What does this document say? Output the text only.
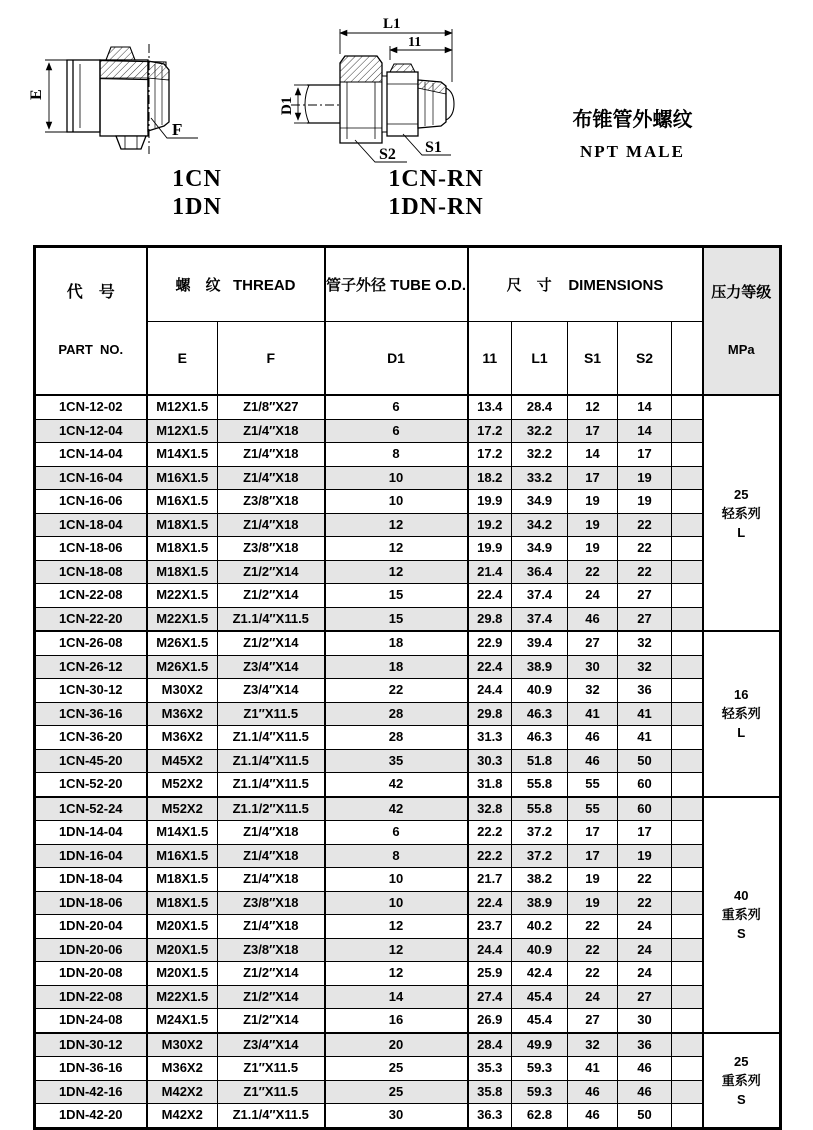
E
F
1CN
1DN
L1
11
D1
S2 S1
1CN-RN
1DN-RN
布锥管外螺纹
NPT MALE

代　号

PART  NO.

	螺　纹   THREAD	管子外径 TUBE O.D.	尺　寸    DIMENSIONS	压力等级

MPa

	E	F	D1	11	L1	S1	S2		
1CN-12-02	M12X1.5	Z1/8″X27	6	13.4	28.4	12	14		25
轻系列
L

1CN-12-04	M12X1.5	Z1/4″X18	6	17.2	32.2	17	14		
1CN-14-04	M14X1.5	Z1/4″X18	8	17.2	32.2	14	17		
1CN-16-04	M16X1.5	Z1/4″X18	10	18.2	33.2	17	19		
1CN-16-06	M16X1.5	Z3/8″X18	10	19.9	34.9	19	19		
1CN-18-04	M18X1.5	Z1/4″X18	12	19.2	34.2	19	22		
1CN-18-06	M18X1.5	Z3/8″X18	12	19.9	34.9	19	22		
1CN-18-08	M18X1.5	Z1/2″X14	12	21.4	36.4	22	22		
1CN-22-08	M22X1.5	Z1/2″X14	15	22.4	37.4	24	27		
1CN-22-20	M22X1.5	Z1.1/4″X11.5	15	29.8	37.4	46	27		
1CN-26-08	M26X1.5	Z1/2″X14	18	22.9	39.4	27	32		16
轻系列
L

1CN-26-12	M26X1.5	Z3/4″X14	18	22.4	38.9	30	32		
1CN-30-12	M30X2	Z3/4″X14	22	24.4	40.9	32	36		
1CN-36-16	M36X2	Z1″X11.5	28	29.8	46.3	41	41		
1CN-36-20	M36X2	Z1.1/4″X11.5	28	31.3	46.3	46	41		
1CN-45-20	M45X2	Z1.1/4″X11.5	35	30.3	51.8	46	50		
1CN-52-20	M52X2	Z1.1/4″X11.5	42	31.8	55.8	55	60		
1CN-52-24	M52X2	Z1.1/2″X11.5	42	32.8	55.8	55	60		40
重系列
S

1DN-14-04	M14X1.5	Z1/4″X18	6	22.2	37.2	17	17		
1DN-16-04	M16X1.5	Z1/4″X18	8	22.2	37.2	17	19		
1DN-18-04	M18X1.5	Z1/4″X18	10	21.7	38.2	19	22		
1DN-18-06	M18X1.5	Z3/8″X18	10	22.4	38.9	19	22		
1DN-20-04	M20X1.5	Z1/4″X18	12	23.7	40.2	22	24		
1DN-20-06	M20X1.5	Z3/8″X18	12	24.4	40.9	22	24		
1DN-20-08	M20X1.5	Z1/2″X14	12	25.9	42.4	22	24		
1DN-22-08	M22X1.5	Z1/2″X14	14	27.4	45.4	24	27		
1DN-24-08	M24X1.5	Z1/2″X14	16	26.9	45.4	27	30		
1DN-30-12	M30X2	Z3/4″X14	20	28.4	49.9	32	36		25
重系列
S

1DN-36-16	M36X2	Z1″X11.5	25	35.3	59.3	41	46		
1DN-42-16	M42X2	Z1″X11.5	25	35.8	59.3	46	46		
1DN-42-20	M42X2	Z1.1/4″X11.5	30	36.3	62.8	46	50		
